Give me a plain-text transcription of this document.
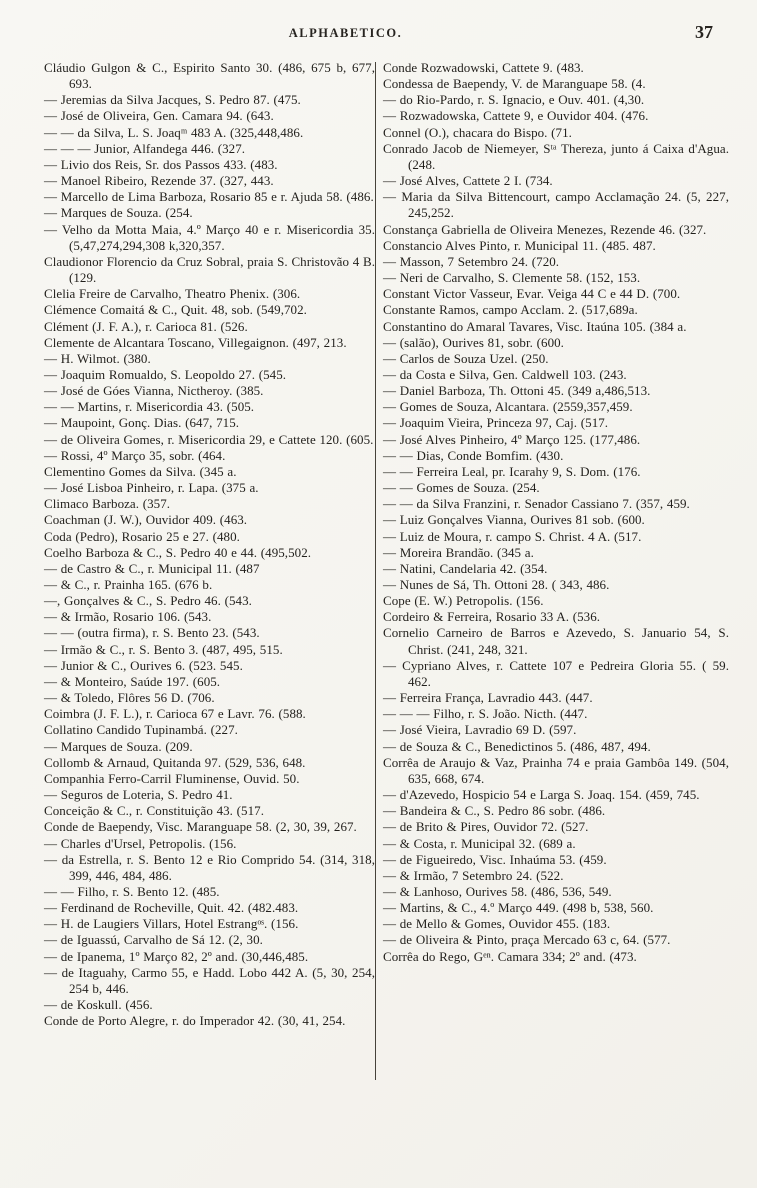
ALPHABETICO.	37
Cláudio Gulgon & C., Espirito Santo 30. (486, 675 b, 677, 693.
— Jeremias da Silva Jacques, S. Pedro 87. (475.
— José de Oliveira, Gen. Camara 94. (643.
— — da Silva, L. S. Joaqᵐ 483 A. (325,448,486.
— — — Junior, Alfandega 446. (327.
— Livio dos Reis, Sr. dos Passos 433. (483.
— Manoel Ribeiro, Rezende 37. (327, 443.
— Marcello de Lima Barboza, Rosario 85 e r. Ajuda 58. (486.
— Marques de Souza. (254.
— Velho da Motta Maia, 4.º Março 40 e r. Misericordia 35. (5,47,274,294,308 k,320,357.
Claudionor Florencio da Cruz Sobral, praia S. Christovão 4 B. (129.
Clelia Freire de Carvalho, Theatro Phenix. (306.
Clémence Comaitá & C., Quit. 48, sob. (549,702.
Clément (J. F. A.), r. Carioca 81. (526.
Clemente de Alcantara Toscano, Villegaignon. (497, 213.
— H. Wilmot. (380.
— Joaquim Romualdo, S. Leopoldo 27. (545.
— José de Góes Vianna, Nictheroy. (385.
— — Martins, r. Misericordia 43. (505.
— Maupoint, Gonç. Dias. (647, 715.
— de Oliveira Gomes, r. Misericordia 29, e Cattete 120. (605.
— Rossi, 4º Março 35, sobr. (464.
Clementino Gomes da Silva. (345 a.
— José Lisboa Pinheiro, r. Lapa. (375 a.
Climaco Barboza. (357.
Coachman (J. W.), Ouvidor 409. (463.
Coda (Pedro), Rosario 25 e 27. (480.
Coelho Barboza & C., S. Pedro 40 e 44. (495,502.
— de Castro & C., r. Municipal 11. (487
— & C., r. Prainha 165. (676 b.
—, Gonçalves & C., S. Pedro 46. (543.
— & Irmão, Rosario 106. (543.
— — (outra firma), r. S. Bento 23. (543.
— Irmão & C., r. S. Bento 3. (487, 495, 515.
— Junior & C., Ourives 6. (523. 545.
— & Monteiro, Saúde 197. (605.
— & Toledo, Flôres 56 D. (706.
Coimbra (J. F. L.), r. Carioca 67 e Lavr. 76. (588.
Collatino Candido Tupinambá. (227.
— Marques de Souza. (209.
Collomb & Arnaud, Quitanda 97. (529, 536, 648.
Companhia Ferro-Carril Fluminense, Ouvid. 50.
— Seguros de Loteria, S. Pedro 41.
Conceição & C., r. Constituição 43. (517.
Conde de Baependy, Visc. Maranguape 58. (2, 30, 39, 267.
— Charles d'Ursel, Petropolis. (156.
— da Estrella, r. S. Bento 12 e Rio Comprido 54. (314, 318, 399, 446, 484, 486.
— — Filho, r. S. Bento 12. (485.
— Ferdinand de Rocheville, Quit. 42. (482.483.
— H. de Laugiers Villars, Hotel Estrangᵒˢ. (156.
— de Iguassú, Carvalho de Sá 12. (2, 30.
— de Ipanema, 1º Março 82, 2º and. (30,446,485.
— de Itaguahy, Carmo 55, e Hadd. Lobo 442 A. (5, 30, 254, 254 b, 446.
— de Koskull. (456.
Conde de Porto Alegre, r. do Imperador 42. (30, 41, 254.
Conde Rozwadowski, Cattete 9. (483.
Condessa de Baependy, V. de Maranguape 58. (4.
— do Rio-Pardo, r. S. Ignacio, e Ouv. 401. (4,30.
— Rozwadowska, Cattete 9, e Ouvidor 404. (476.
Connel (O.), chacara do Bispo. (71.
Conrado Jacob de Niemeyer, Sᵗᵃ Thereza, junto á Caixa d'Agua. (248.
— José Alves, Cattete 2 I. (734.
— Maria da Silva Bittencourt, campo Acclamação 24. (5, 227, 245,252.
Constança Gabriella de Oliveira Menezes, Rezende 46. (327.
Constancio Alves Pinto, r. Municipal 11. (485. 487.
— Masson, 7 Setembro 24. (720.
— Neri de Carvalho, S. Clemente 58. (152, 153.
Constant Victor Vasseur, Evar. Veiga 44 C e 44 D. (700.
Constante Ramos, campo Acclam. 2. (517,689a.
Constantino do Amaral Tavares, Visc. Itaúna 105. (384 a.
— (salão), Ourives 81, sobr. (600.
— Carlos de Souza Uzel. (250.
— da Costa e Silva, Gen. Caldwell 103. (243.
— Daniel Barboza, Th. Ottoni 45. (349 a,486,513.
— Gomes de Souza, Alcantara. (2559,357,459.
— Joaquim Vieira, Princeza 97, Caj. (517.
— José Alves Pinheiro, 4º Março 125. (177,486.
— — Dias, Conde Bomfim. (430.
— — Ferreira Leal, pr. Icarahy 9, S. Dom. (176.
— — Gomes de Souza. (254.
— — da Silva Franzini, r. Senador Cassiano 7. (357, 459.
— Luiz Gonçalves Vianna, Ourives 81 sob. (600.
— Luiz de Moura, r. campo S. Christ. 4 A. (517.
— Moreira Brandão. (345 a.
— Natini, Candelaria 42. (354.
— Nunes de Sá, Th. Ottoni 28. ( 343, 486.
Cope (E. W.) Petropolis. (156.
Cordeiro & Ferreira, Rosario 33 A. (536.
Cornelio Carneiro de Barros e Azevedo, S. Januario 54, S. Christ. (241, 248, 321.
— Cypriano Alves, r. Cattete 107 e Pedreira Gloria 55. ( 59. 462.
— Ferreira França, Lavradio 443. (447.
— — — Filho, r. S. João. Nicth. (447.
— José Vieira, Lavradio 69 D. (597.
— de Souza & C., Benedictinos 5. (486, 487, 494.
Corrêa de Araujo & Vaz, Prainha 74 e praia Gambôa 149. (504, 635, 668, 674.
— d'Azevedo, Hospicio 54 e Larga S. Joaq. 154. (459, 745.
— Bandeira & C., S. Pedro 86 sobr. (486.
— de Brito & Pires, Ouvidor 72. (527.
— & Costa, r. Municipal 32. (689 a.
— de Figueiredo, Visc. Inhaúma 53. (459.
— & Irmão, 7 Setembro 24. (522.
— & Lanhoso, Ourives 58. (486, 536, 549.
— Martins, & C., 4.º Março 449. (498 b, 538, 560.
— de Mello & Gomes, Ouvidor 455. (183.
— de Oliveira & Pinto, praça Mercado 63 c, 64. (577.
Corrêa do Rego, Gᵉⁿ. Camara 334; 2º and. (473.
